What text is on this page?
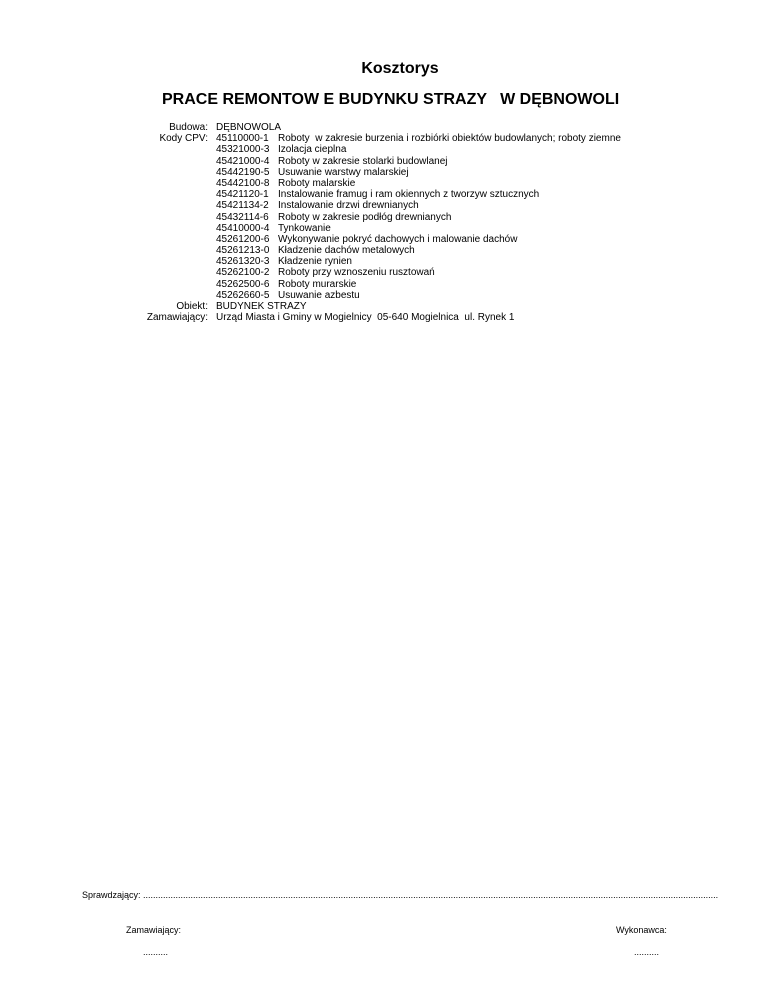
Kosztorys
PRACE REMONTOW E BUDYNKU STRAZY   W DĘBNOWOLI
Budowa: DĘBNOWOLA
Kody CPV: 45110000-1 Roboty  w zakresie burzenia i rozbiórki obiektów budowlanych; roboty ziemne
45321000-3 Izolacja cieplna
45421000-4 Roboty w zakresie stolarki budowlanej
45442190-5 Usuwanie warstwy malarskiej
45442100-8 Roboty malarskie
45421120-1 Instalowanie framug i ram okiennych z tworzyw sztucznych
45421134-2 Instalowanie drzwi drewnianych
45432114-6 Roboty w zakresie podłóg drewnianych
45410000-4 Tynkowanie
45261200-6 Wykonywanie pokryć dachowych i malowanie dachów
45261213-0 Kładzenie dachów metalowych
45261320-3 Kładzenie rynien
45262100-2 Roboty przy wznoszeniu rusztowań
45262500-6 Roboty murarskie
45262660-5 Usuwanie azbestu
Obiekt: BUDYNEK STRAZY
Zamawiający: Urząd Miasta i Gminy w Mogielnicy  05-640 Mogielnica  ul. Rynek 1
Sprawdzający: ......................................................................................................................................................................................................................................
Zamawiający:
..........
Wykonawca:
..........
